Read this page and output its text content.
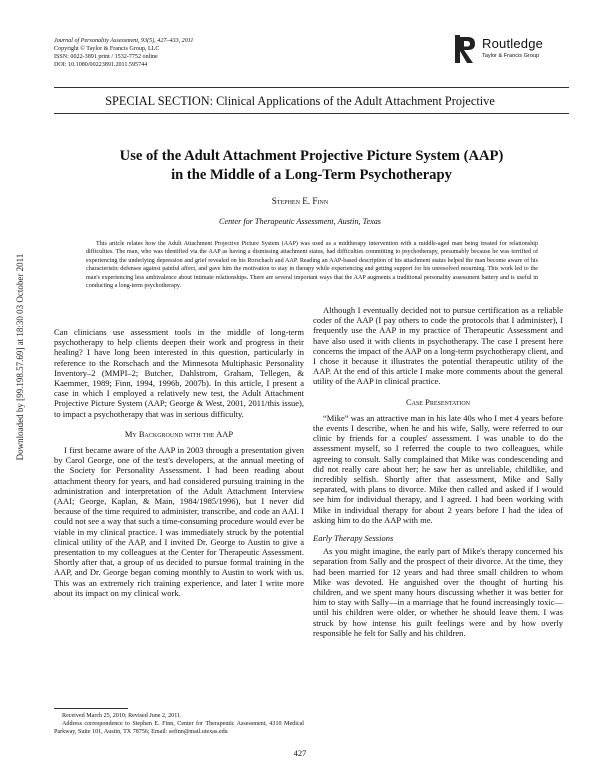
Downloaded by [99.198.57.69] at 18:30 03 October 2011
Journal of Personality Assessment, 93(5), 427–433, 2011
Copyright © Taylor & Francis Group, LLC
ISSN: 0022-3891 print / 1532-7752 online
DOI: 10.1080/00223891.2011.595744
Routledge
Taylor & Francis Group
SPECIAL SECTION: Clinical Applications of the Adult Attachment Projective
Use of the Adult Attachment Projective Picture System (AAP)
in the Middle of a Long-Term Psychotherapy
Stephen E. Finn
Center for Therapeutic Assessment, Austin, Texas
This article relates how the Adult Attachment Projective Picture System (AAP) was used as a midtherapy intervention with a middle-aged man being treated for relationship difficulties. The man, who was identified via the AAP as having a dismissing attachment status, had difficulties committing to psychotherapy, presumably because he was terrified of experiencing the underlying depression and grief revealed on his Rorschach and AAP. Reading an AAP-based description of his attachment status helped the man become aware of his characteristic defenses against painful affect, and gave him the motivation to stay in therapy while experiencing and getting support for his unresolved mourning. This work led to the man's experiencing less ambivalence about intimate relationships. There are several important ways that the AAP augments a traditional personality assessment battery and is useful in conducting a long-term psychotherapy.

Can clinicians use assessment tools in the middle of long-term psychotherapy to help clients deepen their work and progress in their healing? I have long been interested in this question, particularly in reference to the Rorschach and the Minnesota Multiphasic Personality Inventory–2 (MMPI–2; Butcher, Dahlstrom, Graham, Tellegen, & Kaemmer, 1989; Finn, 1994, 1996b, 2007b). In this article, I present a case in which I employed a relatively new test, the Adult Attachment Projective Picture System (AAP; George & West, 2001, 2011/this issue), to impact a psychotherapy that was in serious difficulty.

My Background with the AAP

I first became aware of the AAP in 2003 through a presentation given by Carol George, one of the test's developers, at the annual meeting of the Society for Personality Assessment. I had been reading about attachment theory for years, and had considered pursuing training in the administration and interpretation of the Adult Attachment Interview (AAI; George, Kaplan, & Main, 1984/1985/1996), but I never did because of the time required to administer, transcribe, and code an AAI. I could not see a way that such a time-consuming procedure would ever be viable in my clinical practice. I was immediately struck by the potential clinical utility of the AAP, and I invited Dr. George to Austin to give a presentation to my colleagues at the Center for Therapeutic Assessment. Shortly after that, a group of us decided to pursue formal training in the AAP, and Dr. George began coming monthly to Austin to work with us. This was an extremely rich training experience, and later I write more about its impact on my clinical work.

Received March 25, 2010; Revised June 2, 2011.

Address correspondence to Stephen E. Finn, Center for Therapeutic Assessment, 4310 Medical Parkway, Suite 101, Austin, TX 78756; Email: sefinn@mail.utexas.edu

Although I eventually decided not to pursue certification as a reliable coder of the AAP (I pay others to code the protocols that I administer), I frequently use the AAP in my practice of Therapeutic Assessment and have also used it with clients in psychotherapy. The case I present here concerns the impact of the AAP on a long-term psychotherapy client, and I chose it because it illustrates the potential therapeutic utility of the AAP. At the end of this article I make more comments about the general utility of the AAP in clinical practice.

Case Presentation

“Mike” was an attractive man in his late 40s who I met 4 years before the events I describe, when he and his wife, Sally, were referred to our clinic by friends for a couples' assessment. I was unable to do the assessment myself, so I referred the couple to two colleagues, while agreeing to consult. Sally complained that Mike was condescending and did not really care about her; he saw her as unreliable, childlike, and incredibly selfish. Shortly after that assessment, Mike and Sally separated, with plans to divorce. Mike then called and asked if I would see him for individual therapy, and I agreed. I had been working with Mike in individual therapy for about 2 years before I had the idea of asking him to do the AAP with me.

Early Therapy Sessions

As you might imagine, the early part of Mike's therapy concerned his separation from Sally and the prospect of their divorce. At the time, they had been married for 12 years and had three small children to whom Mike was devoted. He anguished over the thought of hurting his children, and we spent many hours discussing whether it was better for him to stay with Sally—in a marriage that he found increasingly toxic—until his children were older, or whether he should leave them. I was struck by how intense his guilt feelings were and by how overly responsible he felt for Sally and his children.

427
